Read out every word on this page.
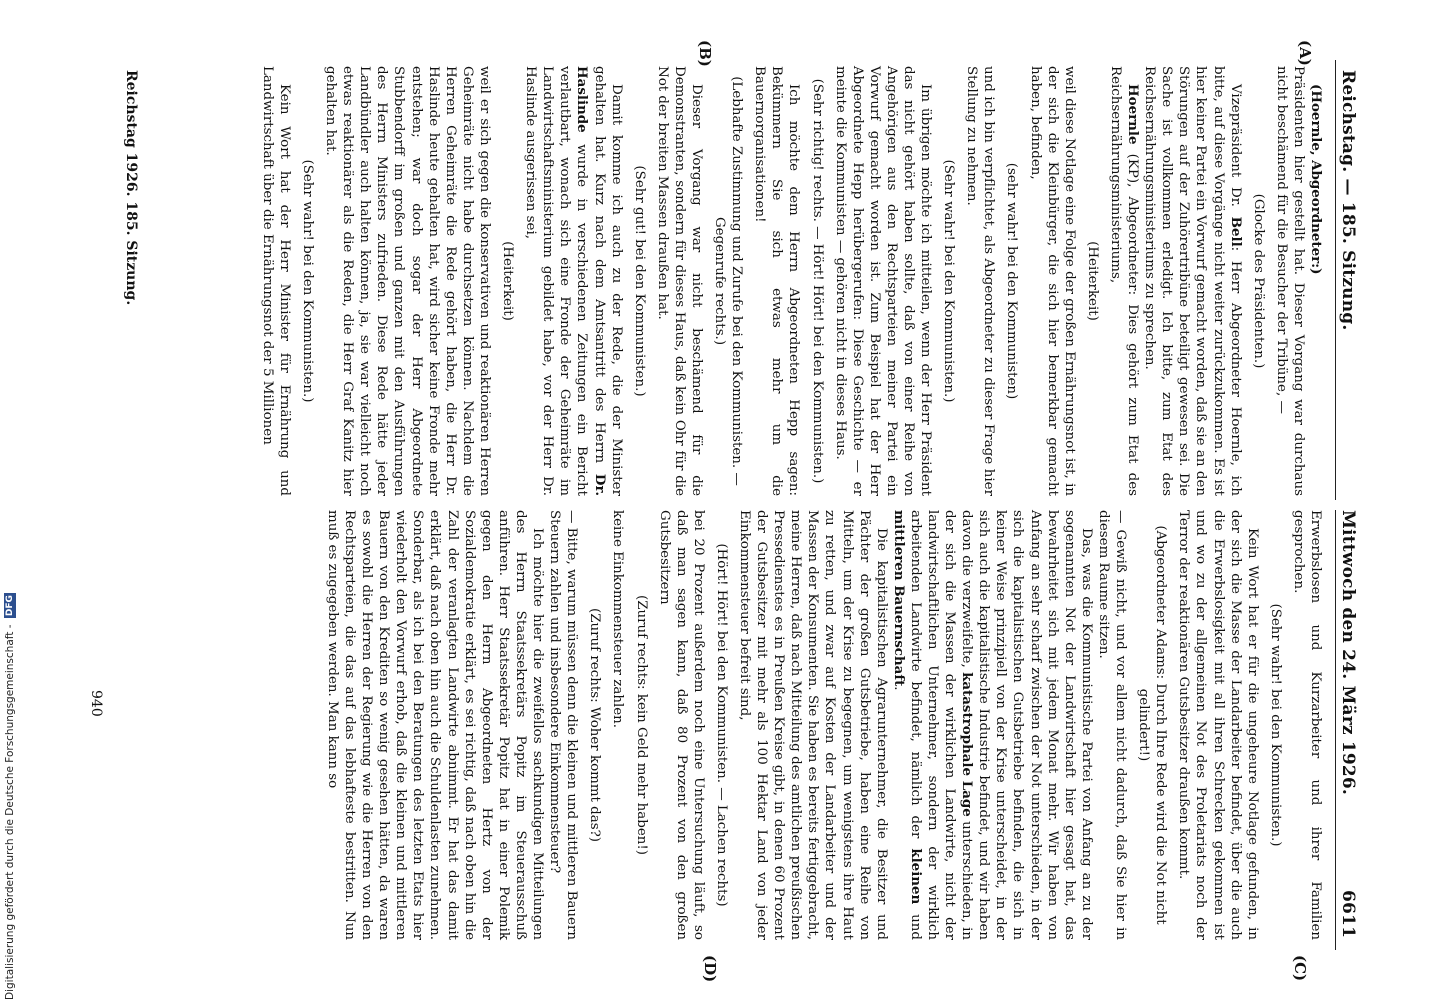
Reichstag. — 185. Sitzung.
Mittwoch den 24. März 1926.
6611
(A)
(B)
(C)
(D)

(Hoernle, Abgeordneter:)

Präsidenten hier gestellt hat. Dieser Vorgang war durchaus nicht beschämend für die Besucher der Tribüne, —

(Glocke des Präsidenten.)

Vizepräsident Dr. Bell: Herr Abgeordneter Hoernle, ich bitte, auf diese Vorgänge nicht weiter zurückzukommen. Es ist hier keiner Partei ein Vorwurf gemacht worden, daß sie an den Störungen auf der Zuhörertribüne beteiligt gewesen sei. Die Sache ist vollkommen erledigt. Ich bitte, zum Etat des Reichsernährungsministeriums zu sprechen.

Hoernle (KP), Abgeordneter: Dies gehört zum Etat des Reichsernährungsministeriums,

(Heiterkeit)

weil diese Notlage eine Folge der großen Ernährungsnot ist, in der sich die Kleinbürger, die sich hier bemerkbar gemacht haben, befinden,

(sehr wahr! bei den Kommunisten)

und ich bin verpflichtet, als Abgeordneter zu dieser Frage hier Stellung zu nehmen.

(Sehr wahr! bei den Kommunisten.)

Im übrigen möchte ich mitteilen, wenn der Herr Präsident das nicht gehört haben sollte, daß von einer Reihe von Angehörigen aus den Rechtsparteien meiner Partei ein Vorwurf gemacht worden ist. Zum Beispiel hat der Herr Abgeordnete Hepp herübergerufen: Diese Geschichte — er meinte die Kommunisten — gehören nicht in dieses Haus.

(Sehr richtig! rechts. — Hört! Hört! bei den Kommunisten.)

Ich möchte dem Herrn Abgeordneten Hepp sagen: Bekümmern Sie sich etwas mehr um die Bauernorganisationen!

(Lebhafte Zustimmung und Zurufe bei den Kommunisten. — Gegenrufe rechts.)

Dieser Vorgang war nicht beschämend für die Demonstranten, sondern für dieses Haus, daß kein Ohr für die Not der breiten Massen draußen hat.

(Sehr gut! bei den Kommunisten.)

Damit komme ich auch zu der Rede, die der Minister gehalten hat. Kurz nach dem Amtsantritt des Herrn Dr. Haslinde wurde in verschiedenen Zeitungen ein Bericht verlautbart, wonach sich eine Fronde der Geheimräte im Landwirtschaftsministerium gebildet habe, vor der Herr Dr. Haslinde ausgerissen sei,

(Heiterkeit)

weil er sich gegen die konservativen und reaktionären Herren Geheimräte nicht habe durchsetzen können. Nachdem die Herren Geheimräte die Rede gehört haben, die Herr Dr. Haslinde heute gehalten hat, wird sicher keine Fronde mehr entstehen; war doch sogar der Herr Abgeordnete Stubbendorff im großen und ganzen mit den Ausführungen des Herrn Ministers zufrieden. Diese Rede hätte jeder Landbündler auch halten können, ja, sie war vielleicht noch etwas reaktionärer als die Reden, die Herr Graf Kanitz hier gehalten hat.

(Sehr wahr! bei den Kommunisten.)

Kein Wort hat der Herr Minister für Ernährung und Landwirtschaft über die Ernährungsnot der 5 Millionen

Erwerbslosen und Kurzarbeiter und ihrer Familien gesprochen.

(Sehr wahr! bei den Kommunisten.)

Kein Wort hat er für die ungeheure Notlage gefunden, in der sich die Masse der Landarbeiter befindet, über die auch die Erwerbslosigkeit mit all ihren Schrecken gekommen ist und wo zu der allgemeinen Not des Proletariats noch der Terror der reaktionären Gutsbesitzer draußen kommt.

(Abgeordneter Adams: Durch Ihre Rede wird die Not nicht gelindert!)

— Gewiß nicht, und vor allem nicht dadurch, daß Sie hier in diesem Raume sitzen.

Das, was die Kommunistische Partei von Anfang an zu der sogenannten Not der Landwirtschaft hier gesagt hat, das bewahrheitet sich mit jedem Monat mehr. Wir haben von Anfang an sehr scharf zwischen der Not unterschieden, in der sich die kapitalistischen Gutsbetriebe befinden, die sich in keiner Weise prinzipiell von der Krise unterscheidet, in der sich auch die kapitalistische Industrie befindet, und wir haben davon die verzweifelte, katastrophale Lage unterschieden, in der sich die Massen der wirklichen Landwirte, nicht der landwirtschaftlichen Unternehmer, sondern der wirklich arbeitenden Landwirte befindet, nämlich der kleinen und mittleren Bauernschaft.

Die kapitalistischen Agrarunternehmer, die Besitzer und Pächter der großen Gutsbetriebe, haben eine Reihe von Mitteln, um der Krise zu begegnen, um wenigstens ihre Haut zu retten, und zwar auf Kosten der Landarbeiter und der Massen der Konsumenten. Sie haben es bereits fertiggebracht, meine Herren, daß nach Mitteilung des amtlichen preußischen Pressedienstes es in Preußen Kreise gibt, in denen 60 Prozent der Gutsbesitzer mit mehr als 100 Hektar Land von jeder Einkommensteuer befreit sind,

(Hört! Hört! bei den Kommunisten. — Lachen rechts)

bei 20 Prozent außerdem noch eine Untersuchung läuft, so daß man sagen kann, daß 80 Prozent von den großen Gutsbesitzern

(Zuruf rechts: kein Geld mehr haben!)

keine Einkommensteuer zahlen.

(Zuruf rechts: Woher kommt das?)

— Bitte, warum müssen denn die kleinen und mittleren Bauern Steuern zahlen und insbesondere Einkommensteuer?

Ich möchte hier die zweifellos sachkundigen Mitteilungen des Herrn Staatssekretärs Popitz im Steuerausschuß anführen. Herr Staatssekretär Popitz hat in einer Polemik gegen den Herrn Abgeordneten Hertz von der Sozialdemokratie erklärt, es sei richtig, daß nach oben hin die Zahl der veranlagten Landwirte abnimmt. Er hat das damit erklärt, daß nach oben hin auch die Schuldenlasten zunehmen. Sonderbar, als ich bei den Beratungen des letzten Etats hier wiederholt den Vorwurf erhob, daß die kleinen und mittleren Bauern von den Krediten so wenig gesehen hätten, da waren es sowohl die Herren der Regierung wie die Herren von den Rechtsparteien, die das auf das lebhafteste bestritten. Nun muß es zugegeben werden. Man kann so

Reichstag 1926. 185. Sitzung.
940
Digitalisierung gefördert durch die Deutsche Forschungsgemeinschaft - DFG
